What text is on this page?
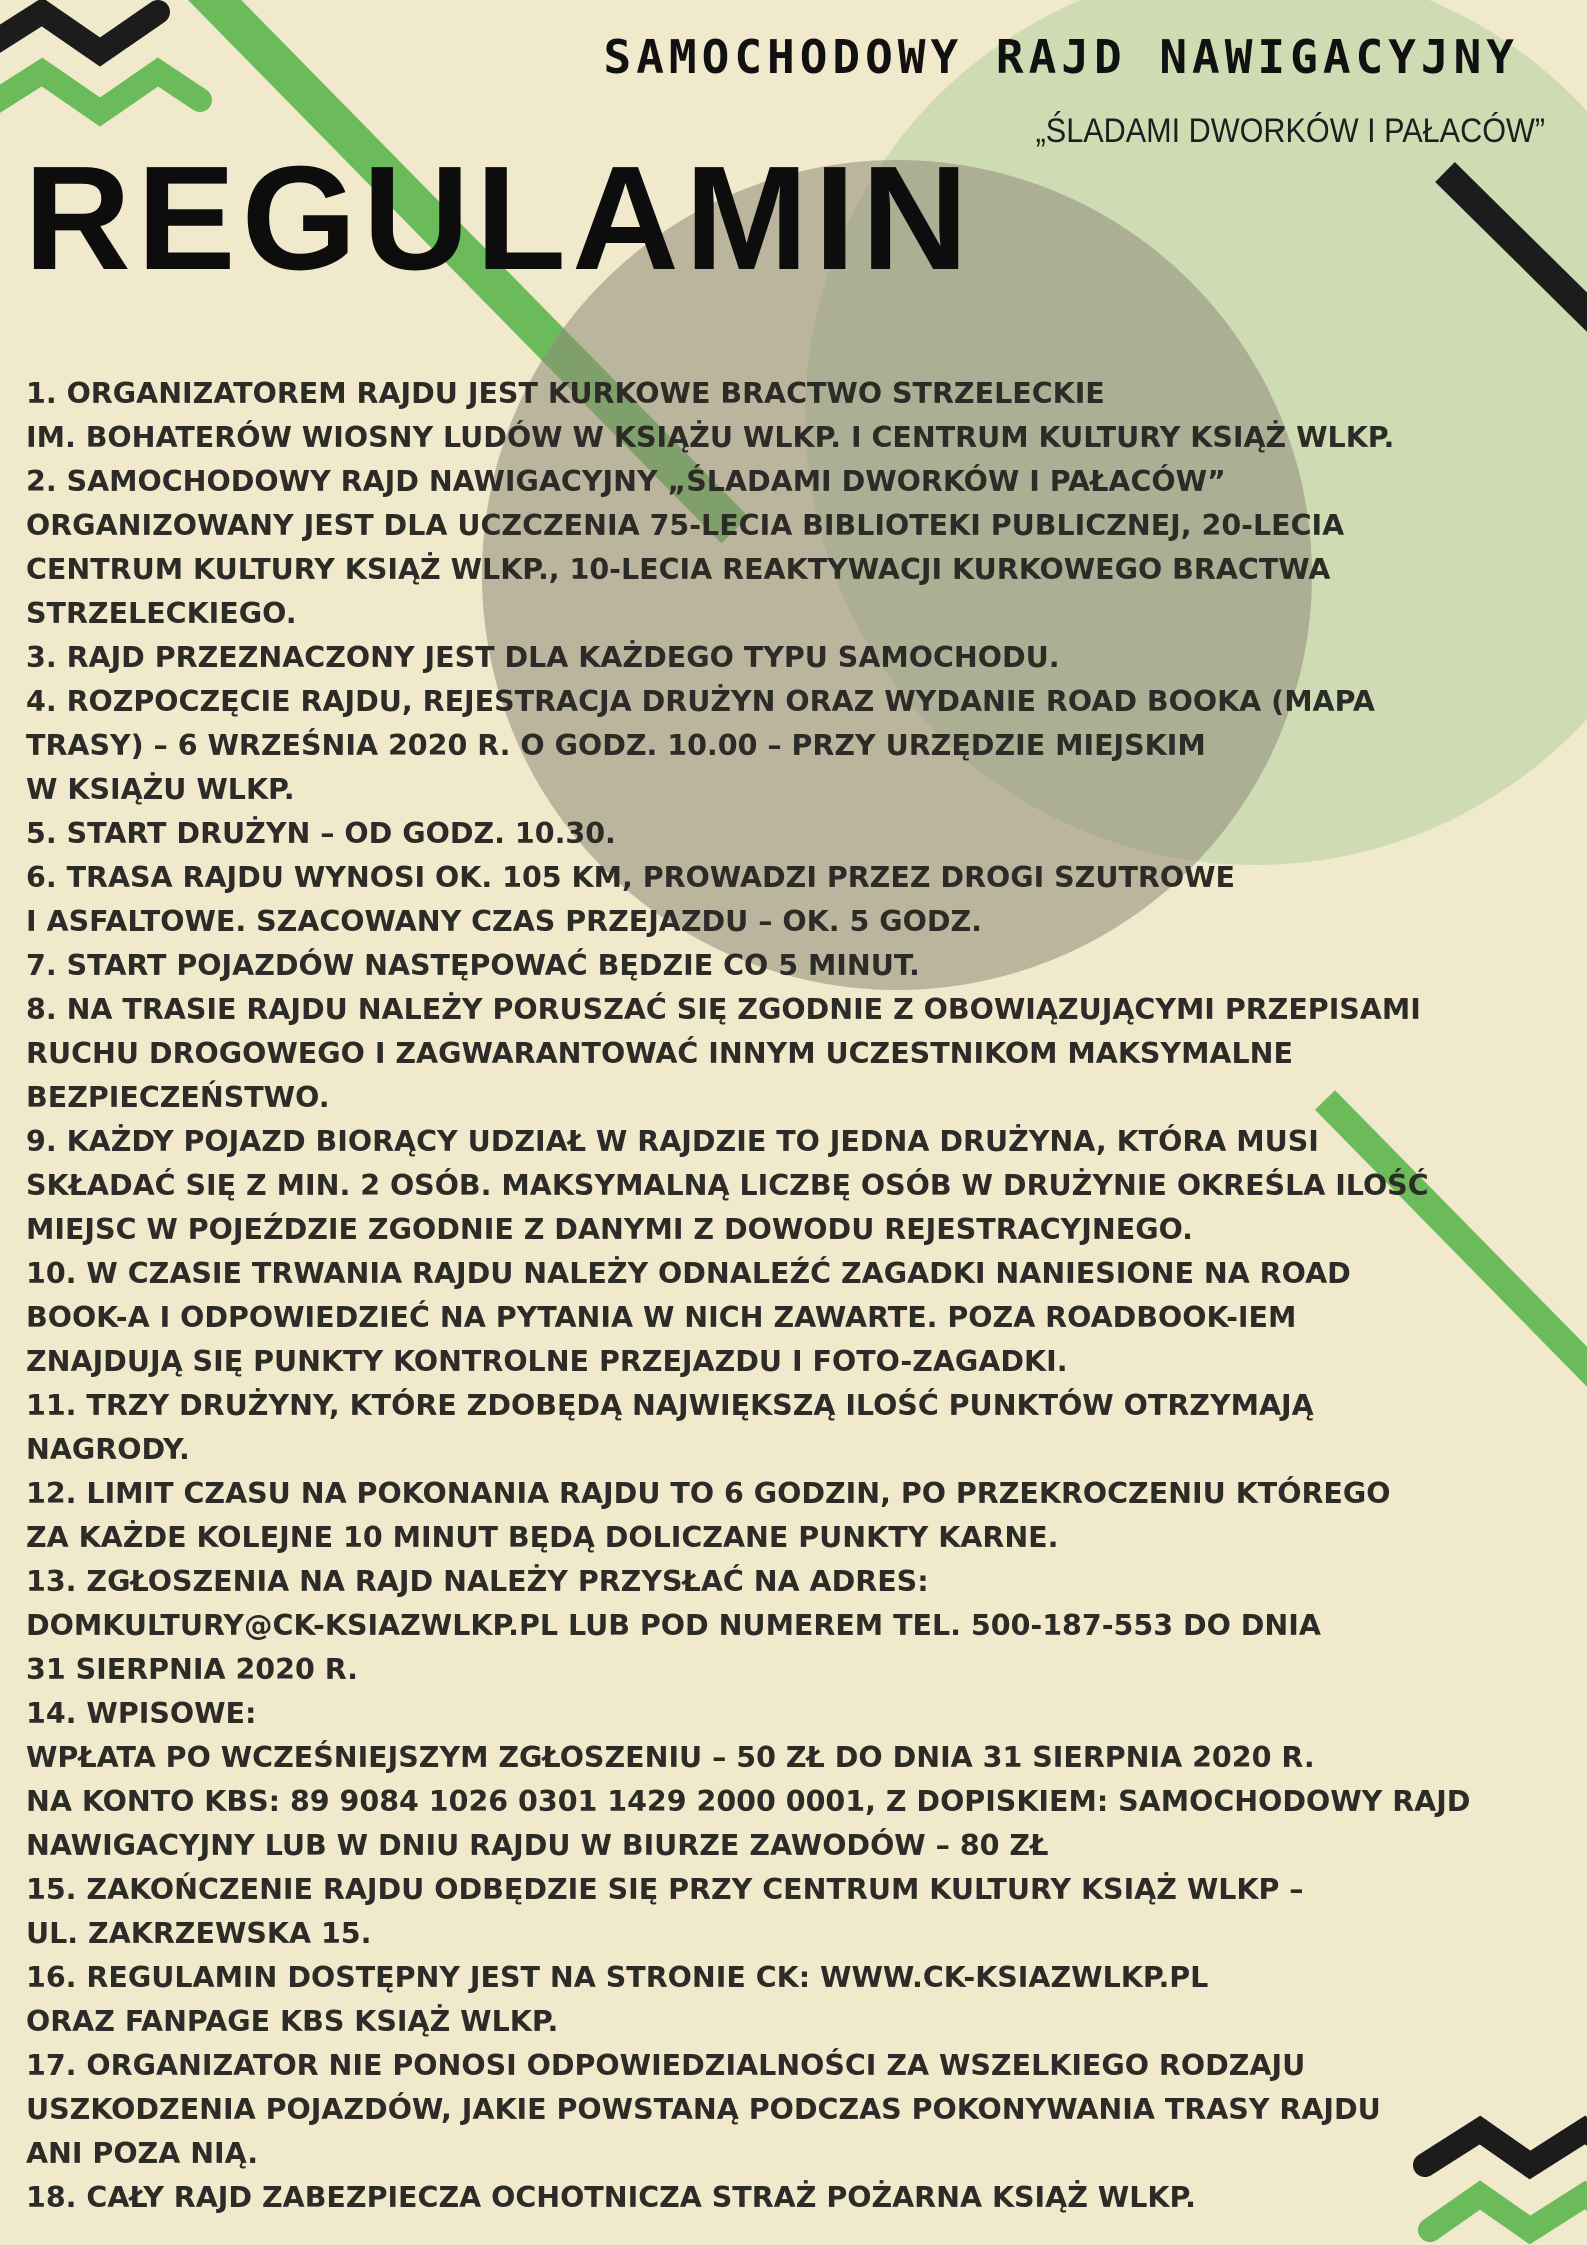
SAMOCHODOWY RAJD NAWIGACYJNY

„ŚLADAMI DWORKÓW I PAŁACÓW”

REGULAMIN
1. ORGANIZATOREM RAJDU JEST KURKOWE BRACTWO STRZELECKIE
IM. BOHATERÓW WIOSNY LUDÓW W KSIĄŻU WLKP. I CENTRUM KULTURY KSIĄŻ WLKP.
2. SAMOCHODOWY RAJD NAWIGACYJNY „ŚLADAMI DWORKÓW I PAŁACÓW”
ORGANIZOWANY JEST DLA UCZCZENIA 75-LECIA BIBLIOTEKI PUBLICZNEJ, 20-LECIA
CENTRUM KULTURY KSIĄŻ WLKP., 10-LECIA REAKTYWACJI KURKOWEGO BRACTWA
STRZELECKIEGO.
3. RAJD PRZEZNACZONY JEST DLA KAŻDEGO TYPU SAMOCHODU.
4. ROZPOCZĘCIE RAJDU, REJESTRACJA DRUŻYN ORAZ WYDANIE ROAD BOOKA (MAPA
TRASY) – 6 WRZEŚNIA 2020 R. O GODZ. 10.00 – PRZY URZĘDZIE MIEJSKIM
W KSIĄŻU WLKP.
5. START DRUŻYN – OD GODZ. 10.30.
6. TRASA RAJDU WYNOSI OK. 105 KM, PROWADZI PRZEZ DROGI SZUTROWE
I ASFALTOWE. SZACOWANY CZAS PRZEJAZDU – OK. 5 GODZ.
7. START POJAZDÓW NASTĘPOWAĆ BĘDZIE CO 5 MINUT.
8. NA TRASIE RAJDU NALEŻY PORUSZAĆ SIĘ ZGODNIE Z OBOWIĄZUJĄCYMI PRZEPISAMI
RUCHU DROGOWEGO I ZAGWARANTOWAĆ INNYM UCZESTNIKOM MAKSYMALNE
BEZPIECZEŃSTWO.
9. KAŻDY POJAZD BIORĄCY UDZIAŁ W RAJDZIE TO JEDNA DRUŻYNA, KTÓRA MUSI
SKŁADAĆ SIĘ Z MIN. 2 OSÓB. MAKSYMALNĄ LICZBĘ OSÓB W DRUŻYNIE OKREŚLA ILOŚĆ
MIEJSC W POJEŹDZIE ZGODNIE Z DANYMI Z DOWODU REJESTRACYJNEGO.
10. W CZASIE TRWANIA RAJDU NALEŻY ODNALEŹĆ ZAGADKI NANIESIONE NA ROAD
BOOK-A I ODPOWIEDZIEĆ NA PYTANIA W NICH ZAWARTE. POZA ROADBOOK-IEM
ZNAJDUJĄ SIĘ PUNKTY KONTROLNE PRZEJAZDU I FOTO-ZAGADKI.
11. TRZY DRUŻYNY, KTÓRE ZDOBĘDĄ NAJWIĘKSZĄ ILOŚĆ PUNKTÓW OTRZYMAJĄ
NAGRODY.
12. LIMIT CZASU NA POKONANIA RAJDU TO 6 GODZIN, PO PRZEKROCZENIU KTÓREGO
ZA KAŻDE KOLEJNE 10 MINUT BĘDĄ DOLICZANE PUNKTY KARNE.
13. ZGŁOSZENIA NA RAJD NALEŻY PRZYSŁAĆ NA ADRES:
DOMKULTURY@CK-KSIAZWLKP.PL LUB POD NUMEREM TEL. 500-187-553 DO DNIA
31 SIERPNIA 2020 R.
14. WPISOWE:
WPŁATA PO WCZEŚNIEJSZYM ZGŁOSZENIU – 50 ZŁ DO DNIA 31 SIERPNIA 2020 R.
NA KONTO KBS: 89 9084 1026 0301 1429 2000 0001, Z DOPISKIEM: SAMOCHODOWY RAJD
NAWIGACYJNY LUB W DNIU RAJDU W BIURZE ZAWODÓW – 80 ZŁ
15. ZAKOŃCZENIE RAJDU ODBĘDZIE SIĘ PRZY CENTRUM KULTURY KSIĄŻ WLKP –
UL. ZAKRZEWSKA 15.
16. REGULAMIN DOSTĘPNY JEST NA STRONIE CK: WWW.CK-KSIAZWLKP.PL
ORAZ FANPAGE KBS KSIĄŻ WLKP.
17. ORGANIZATOR NIE PONOSI ODPOWIEDZIALNOŚCI ZA WSZELKIEGO RODZAJU
USZKODZENIA POJAZDÓW, JAKIE POWSTANĄ PODCZAS POKONYWANIA TRASY RAJDU
ANI POZA NIĄ.
18. CAŁY RAJD ZABEZPIECZA OCHOTNICZA STRAŻ POŻARNA KSIĄŻ WLKP.
